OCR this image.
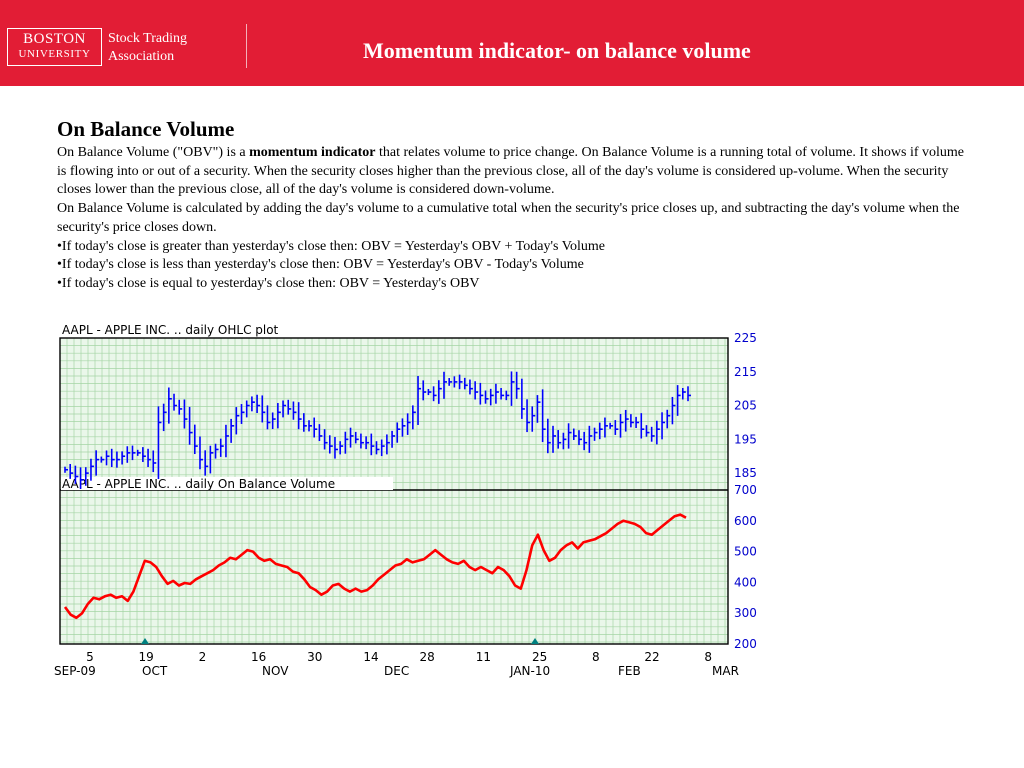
BOSTON
UNIVERSITY
Stock Trading
Association	Momentum indicator- on balance volume
On Balance Volume

On Balance Volume ("OBV") is a momentum indicator that relates volume to price change. On Balance Volume is a running total of volume. It shows if volume is flowing into or out of a security. When the security closes higher than the previous close, all of the day's volume is considered up-volume. When the security closes lower than the previous close, all of the day's volume is considered down-volume.

On Balance Volume is calculated by adding the day's volume to a cumulative total when the security's price closes up, and subtracting the day's volume when the security's price closes down.

•If today's close is greater than yesterday's close then: OBV = Yesterday's OBV + Today's Volume

•If today's close is less than yesterday's close then: OBV = Yesterday's OBV - Today's Volume

•If today's close is equal to yesterday's close then: OBV = Yesterday's OBV

AAPL - APPLE INC. .. daily OHLC plot
AAPL - APPLE INC. .. daily On Balance Volume
225
215
205
195
185
700
600
500
400
300
200
5	19	2	16	30	14	28	11	25	8	22	8
SEP-09	OCT	NOV	DEC	JAN-10	FEB	MAR
